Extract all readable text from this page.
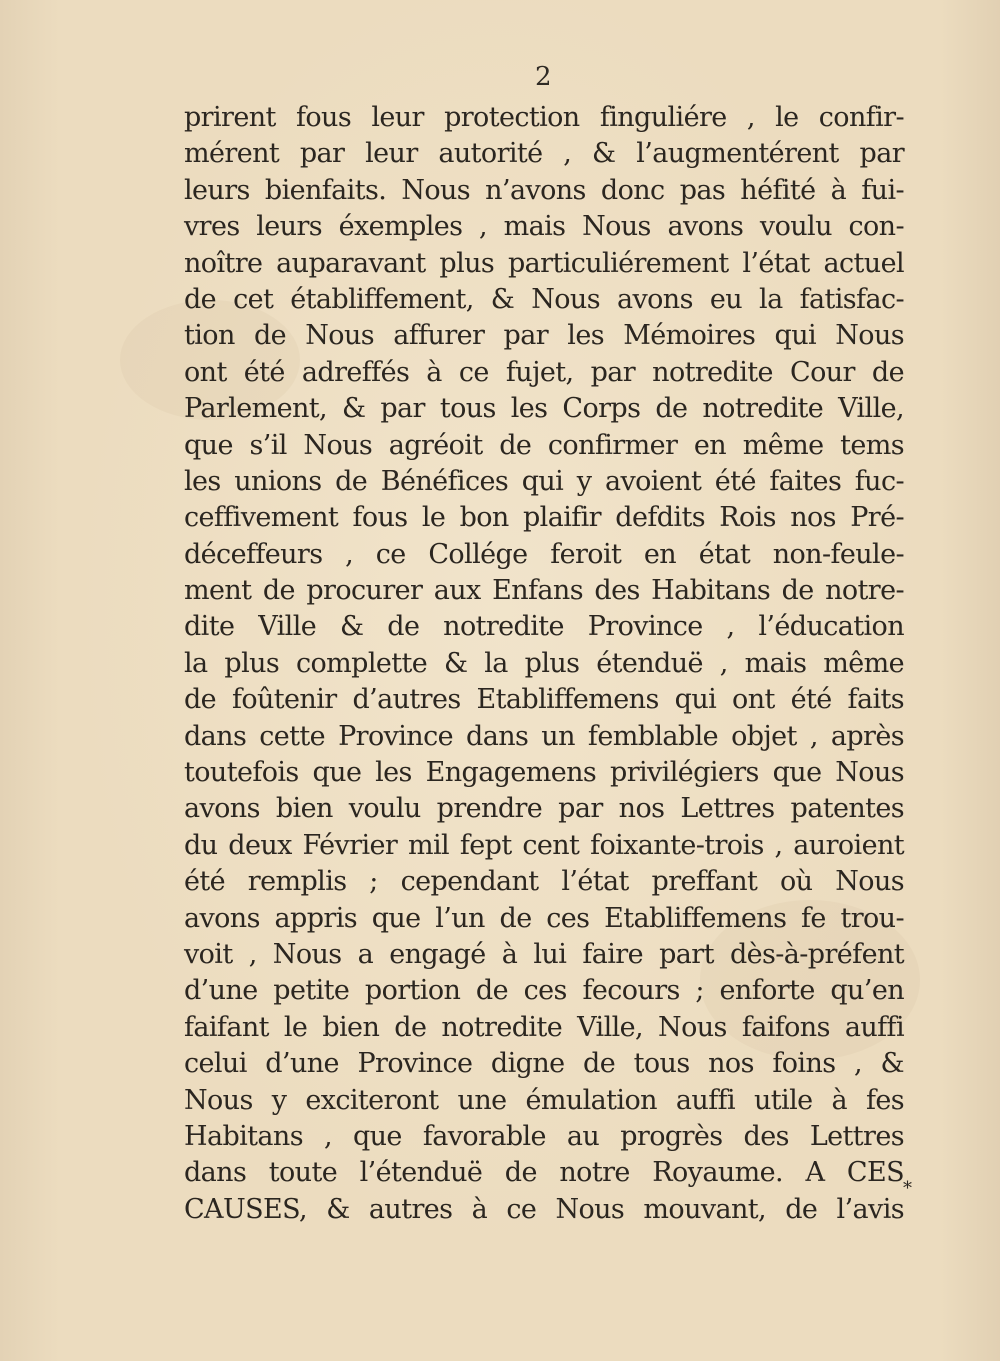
2
prirent fous leur protection finguliére , le confir-
mérent par leur autorité , & l’augmentérent par
leurs bienfaits. Nous n’avons donc pas héfité à fui-
vres leurs éxemples , mais Nous avons voulu con-
noître auparavant plus particuliérement l’état actuel
de cet établiffement, & Nous avons eu la fatisfac-
tion de Nous affurer par les Mémoires qui Nous
ont été adreffés à ce fujet, par notredite Cour de
Parlement, & par tous les Corps de notredite Ville,
que s’il Nous agréoit de confirmer en même tems
les unions de Bénéfices qui y avoient été faites fuc-
ceffivement fous le bon plaifir defdits Rois nos Pré-
déceffeurs , ce Collége feroit en état non-feule-
ment de procurer aux Enfans des Habitans de notre-
dite Ville & de notredite Province , l’éducation
la plus complette & la plus étenduë , mais même
de foûtenir d’autres Etabliffemens qui ont été faits
dans cette Province dans un femblable objet , après
toutefois que les Engagemens privilégiers que Nous
avons bien voulu prendre par nos Lettres patentes
du deux Février mil fept cent foixante-trois , auroient
été remplis ; cependant l’état preffant où Nous
avons appris que l’un de ces Etabliffemens fe trou-
voit , Nous a engagé à lui faire part dès-à-préfent
d’une petite portion de ces fecours ; enforte qu’en
faifant le bien de notredite Ville, Nous faifons auffi
celui d’une Province digne de tous nos foins , &
Nous y exciteront une émulation auffi utile à fes
Habitans , que favorable au progrès des Lettres
dans toute l’étenduë de notre Royaume. A CES
CAUSES, & autres à ce Nous mouvant, de l’avis
*
